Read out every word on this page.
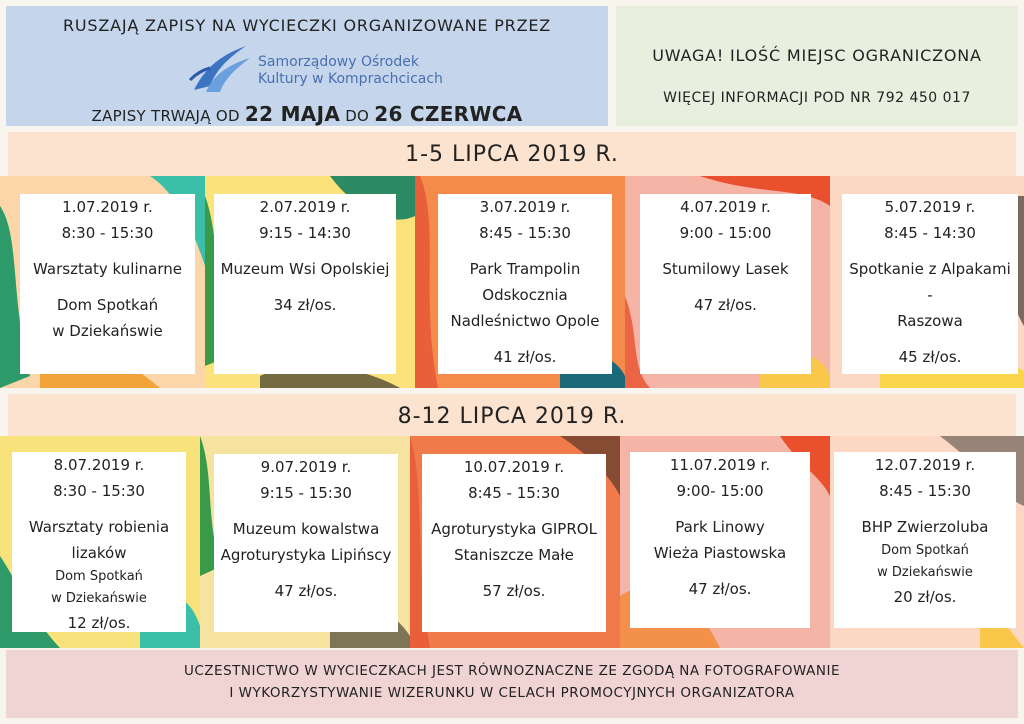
RUSZAJĄ ZAPISY NA WYCIECZKI ORGANIZOWANE PRZEZ
Samorządowy Ośrodek
Kultury w Komprachcicach
ZAPISY TRWAJĄ OD 22 MAJA DO 26 CZERWCA
UWAGA! ILOŚĆ MIEJSC OGRANICZONA
WIĘCEJ INFORMACJI POD NR 792 450 017
1-5 LIPCA 2019 R.
1.07.2019 r.
8:30 - 15:30
Warsztaty kulinarne
Dom Spotkań
w Dziekańswie
2.07.2019 r.
9:15 - 14:30
Muzeum Wsi Opolskiej
34 zł/os.
3.07.2019 r.
8:45 - 15:30
Park Trampolin
Odskocznia
Nadleśnictwo Opole
41 zł/os.
4.07.2019 r.
9:00 - 15:00
Stumilowy Lasek
47 zł/os.
5.07.2019 r.
8:45 - 14:30
Spotkanie z Alpakami -
Raszowa
45 zł/os.
8-12 LIPCA 2019 R.
8.07.2019 r.
8:30 - 15:30
Warsztaty robienia
lizaków
Dom Spotkań
w Dziekańswie
12 zł/os.
9.07.2019 r.
9:15 - 15:30
Muzeum kowalstwa
Agroturystyka Lipińscy
47 zł/os.
10.07.2019 r.
8:45 - 15:30
Agroturystyka GIPROL
Staniszcze Małe
57 zł/os.
11.07.2019 r.
9:00- 15:00
Park Linowy
Wieża Piastowska
47 zł/os.
12.07.2019 r.
8:45 - 15:30
BHP Zwierzoluba
Dom Spotkań
w Dziekańswie
20 zł/os.
UCZESTNICTWO W WYCIECZKACH JEST RÓWNOZNACZNE ZE ZGODĄ NA FOTOGRAFOWANIE
I WYKORZYSTYWANIE WIZERUNKU W CELACH PROMOCYJNYCH ORGANIZATORA
